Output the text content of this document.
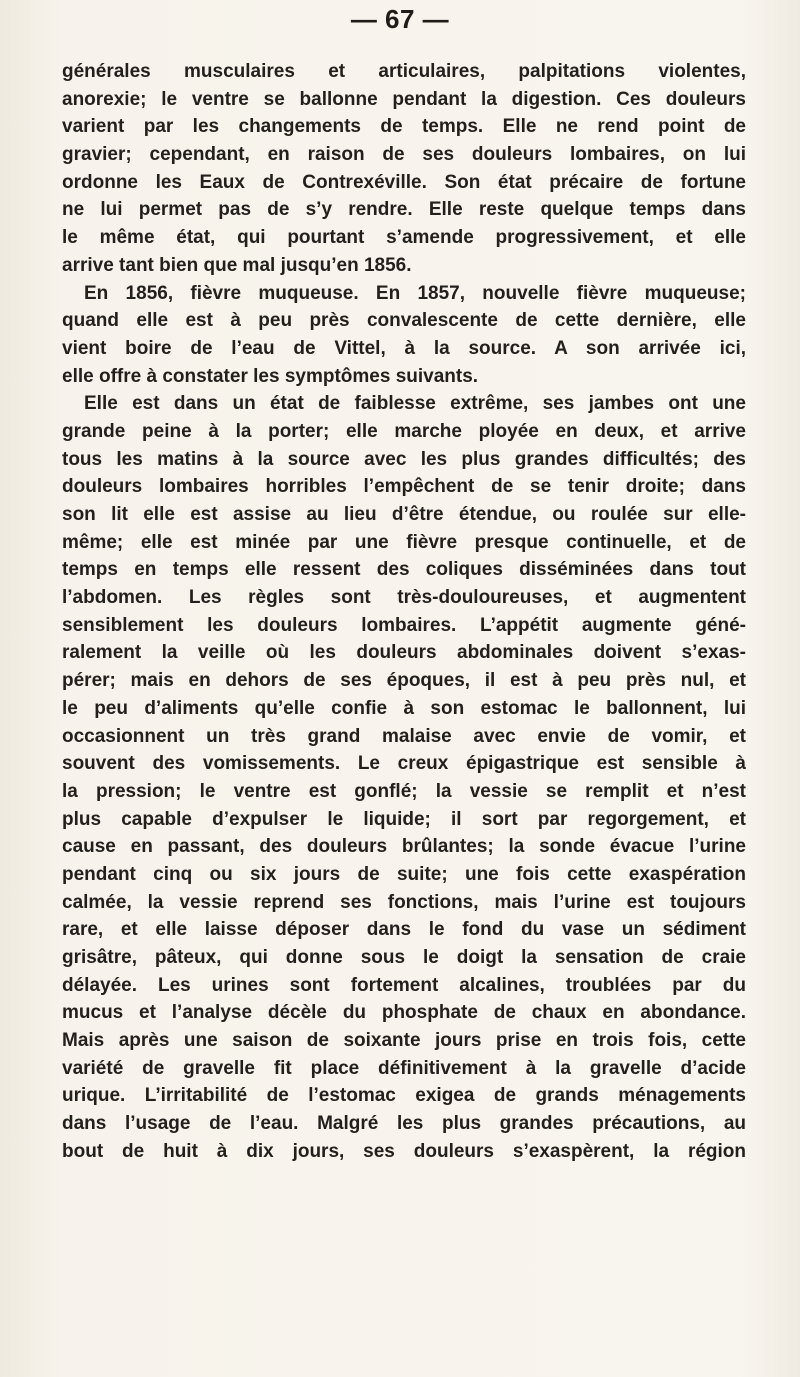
— 67 —
générales musculaires et articulaires, palpitations violentes,
anorexie; le ventre se ballonne pendant la digestion. Ces douleurs
varient par les changements de temps. Elle ne rend point de
gravier; cependant, en raison de ses douleurs lombaires, on lui
ordonne les Eaux de Contrexéville. Son état précaire de fortune
ne lui permet pas de s’y rendre. Elle reste quelque temps dans
le même état, qui pourtant s’amende progressivement, et elle
arrive tant bien que mal jusqu’en 1856.
En 1856, fièvre muqueuse. En 1857, nouvelle fièvre muqueuse;
quand elle est à peu près convalescente de cette dernière, elle
vient boire de l’eau de Vittel, à la source. A son arrivée ici,
elle offre à constater les symptômes suivants.
Elle est dans un état de faiblesse extrême, ses jambes ont une
grande peine à la porter; elle marche ployée en deux, et arrive
tous les matins à la source avec les plus grandes difficultés; des
douleurs lombaires horribles l’empêchent de se tenir droite; dans
son lit elle est assise au lieu d’être étendue, ou roulée sur elle-
même; elle est minée par une fièvre presque continuelle, et de
temps en temps elle ressent des coliques disséminées dans tout
l’abdomen. Les règles sont très-douloureuses, et augmentent
sensiblement les douleurs lombaires. L’appétit augmente géné-
ralement la veille où les douleurs abdominales doivent s’exas-
pérer; mais en dehors de ses époques, il est à peu près nul, et
le peu d’aliments qu’elle confie à son estomac le ballonnent, lui
occasionnent un très grand malaise avec envie de vomir, et
souvent des vomissements. Le creux épigastrique est sensible à
la pression; le ventre est gonflé; la vessie se remplit et n’est
plus capable d’expulser le liquide; il sort par regorgement, et
cause en passant, des douleurs brûlantes; la sonde évacue l’urine
pendant cinq ou six jours de suite; une fois cette exaspération
calmée, la vessie reprend ses fonctions, mais l’urine est toujours
rare, et elle laisse déposer dans le fond du vase un sédiment
grisâtre, pâteux, qui donne sous le doigt la sensation de craie
délayée. Les urines sont fortement alcalines, troublées par du
mucus et l’analyse décèle du phosphate de chaux en abondance.
Mais après une saison de soixante jours prise en trois fois, cette
variété de gravelle fit place définitivement à la gravelle d’acide
urique. L’irritabilité de l’estomac exigea de grands ménagements
dans l’usage de l’eau. Malgré les plus grandes précautions, au
bout de huit à dix jours, ses douleurs s’exaspèrent, la région
